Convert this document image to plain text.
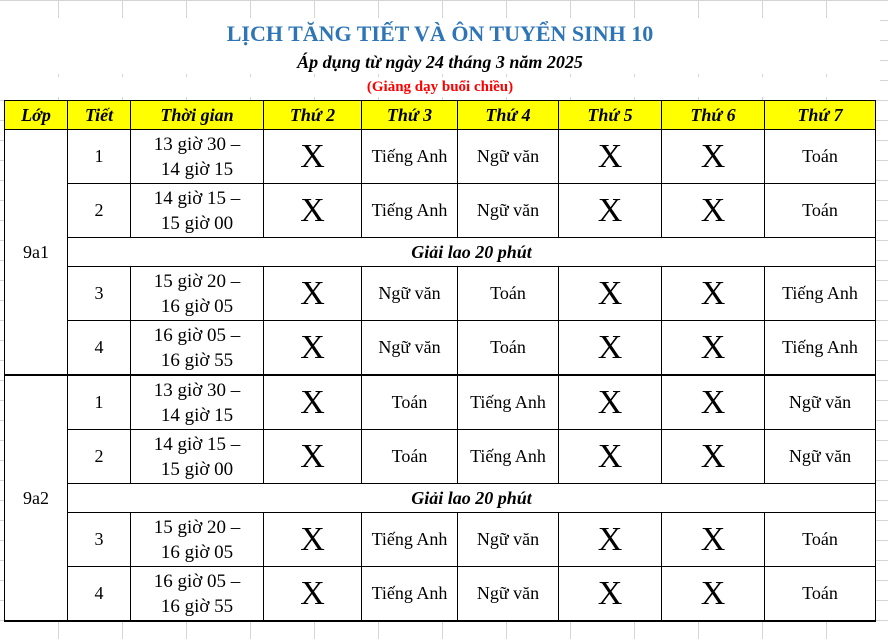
LỊCH TĂNG TIẾT VÀ ÔN TUYỂN SINH 10
Áp dụng từ ngày 24 tháng 3 năm 2025
(Giảng dạy buổi chiều)
Lớp	Tiết	Thời gian	Thứ 2	Thứ 3	Thứ 4	Thứ 5	Thứ 6	Thứ 7
9a1	1	13 giờ 30 –
14 giờ 15	X	Tiếng Anh	Ngữ văn	X	X	Toán
	2	14 giờ 15 –
15 giờ 00	X	Tiếng Anh	Ngữ văn	X	X	Toán
	Giải lao 20 phút							
	3	15 giờ 20 –
16 giờ 05	X	Ngữ văn	Toán	X	X	Tiếng Anh
	4	16 giờ 05 –
16 giờ 55	X	Ngữ văn	Toán	X	X	Tiếng Anh
9a2	1	13 giờ 30 –
14 giờ 15	X	Toán	Tiếng Anh	X	X	Ngữ văn
	2	14 giờ 15 –
15 giờ 00	X	Toán	Tiếng Anh	X	X	Ngữ văn
	Giải lao 20 phút							
	3	15 giờ 20 –
16 giờ 05	X	Tiếng Anh	Ngữ văn	X	X	Toán
	4	16 giờ 05 –
16 giờ 55	X	Tiếng Anh	Ngữ văn	X	X	Toán
